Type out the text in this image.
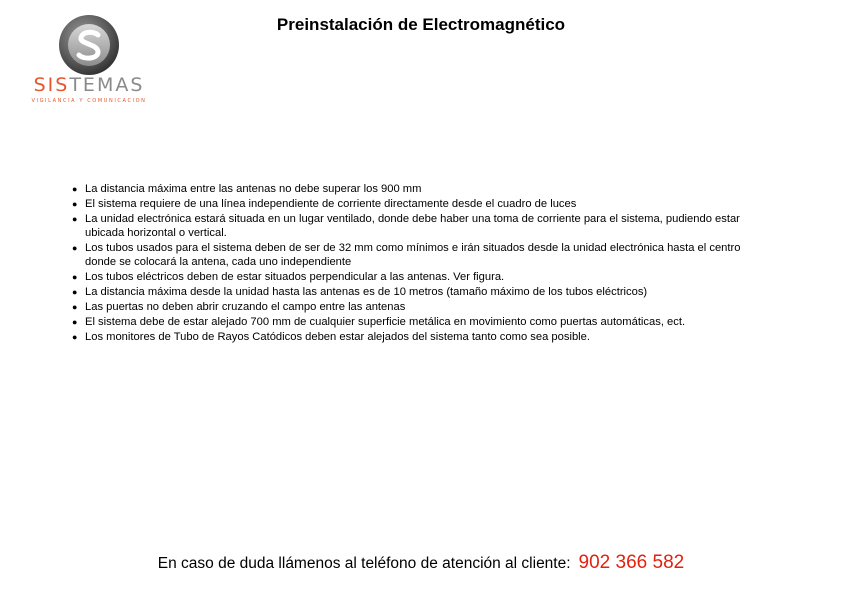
SISTEMAS
VIGILANCIA Y COMUNICACION
Preinstalación de Electromagnético
● La distancia máxima entre las antenas no debe superar los 900 mm
● El sistema requiere de una línea independiente de corriente directamente desde el cuadro de luces
● La unidad electrónica estará situada en un lugar ventilado, donde debe haber una toma de corriente para el sistema, pudiendo estar ubicada horizontal o vertical.
● Los tubos usados para el sistema deben de ser de 32 mm como mínimos e irán situados desde la unidad electrónica hasta el centro donde se colocará la antena, cada uno independiente
● Los tubos eléctricos deben de estar situados perpendicular a las antenas. Ver figura.
● La distancia máxima desde la unidad hasta las antenas es de 10 metros (tamaño máximo de los tubos eléctricos)
● Las puertas no deben abrir cruzando el campo entre las antenas
● El sistema debe de estar alejado 700 mm de cualquier superficie metálica en movimiento como puertas automáticas, ect.
● Los monitores de Tubo de Rayos Catódicos deben estar alejados del sistema tanto como sea posible.
En caso de duda llámenos al teléfono de atención al cliente: 902 366 582
